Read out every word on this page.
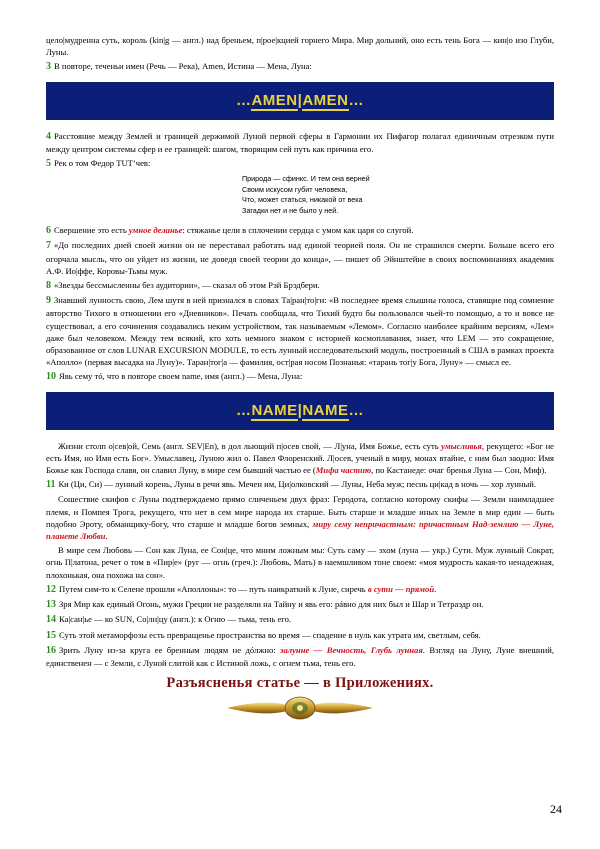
цело|мудренна суть, король (kin|g — англ.) над бреньем, п|рое|кцией горнего Мира. Мир дольний, оно есть тень Бога — кин|о изо Глуби, Луны.

3 В повторе, теченьи имен (Речь — Река), Amen, Истина — Мена, Луна:

…AMEN|AMEN…

4 Расстояние между Землей и границей держимой Луной первой сферы в Гармонии их Пифагор полагал единичным отрезком пути между центром системы сфер и ее границей: шагом, творящим сей путь как причина его.

5 Рек о том Федор TUT’чев:

Природа — сфинкс. И тем она верней
Своим искусом губит человека,
Что, может статься, никакой от века
Загадки нет и не было у ней.

6 Свершение это есть умное деланье: стяжанье цели в сплочении сердца с умом как царя со слугой.

7 «До последних дней своей жизни он не переставал работать над единой теорией поля. Он не страшился смерти. Больше всего его огорчала мысль, что он уйдет из жизни, не доведя своей теории до конца», — пишет об Эйнштейне в своих воспоминаниях академик А.Ф. Ио|ффе, Коровы-Тьмы муж.

8 «Звезды бессмысленны без аудитории», — сказал об этом Рэй Брэдбери.

9 Знавший лунность свою, Лем шутя в ней признался в словах Та|ран|то|ги: «В последнее время слышны голоса, ставящие под сомнение авторство Тихого в отношении его «Дневников». Печать сообщала, что Тихий будто бы пользовался чьей-то помощью, а то и вовсе не существовал, а его сочинения создавались неким устройством, так называемым «Лемом». Согласно наиболее крайним версиям, «Лем» даже был человеком. Между тем всякий, кто хоть немного знаком с историей космоплавания, знает, что LEM — это сокращение, образованное от слов LUNAR EXCURSION MODULE, то есть лунный исследовательский модуль, построенный в США в рамках проекта «Аполло» (первая высадка на Луну)». Таран|тог|а — фамилия, ост|рая носом Познанья: «тарань тог|у Бога, Луну» — смысл ее.

10 Явь сему тó, что в повторе своем name, имя (англ.) — Мена, Луна:

…NAME|NAME…

Жизни столп о|сев|ой, Семь (англ. SEV|En), в дол льющий п|осев свой, — Л|уна, Имя Божье, есть суть умысливья, рекущего: «Бог не есть Имя, но Имя есть Бог». Умыславец, Луною жил о. Павел Флоренский. Л|осев, ученый в миру, монах втайне, с ним был заодно: Имя Божье как Господа славя, он славил Луну, в мире сем бывший частью ее (Мифа частию, по Кастанеде: очаг бренья Луна — Сон, Миф).

11 Ки (Ци, Си) — лунный корень, Луны в речи явь. Мечен им, Ци|олковский — Луны, Неба муж; песнь ци|кад в ночь — хор лунный.

Сошествие скифов с Луны подтверждаемо прямо сличеньем двух фраз: Геродота, согласно которому скифы — Земли наимладшее племя, и Помпея Трога, рекущего, что нет в сем мире народа их старше. Быть старше и младше иных на Земле в мир един — быть подобно Эроту, обманщику-богу, что старше и младше богов земных, миру сему непричастным: причастным Над-землию — Луне, планете Любви.

В мире сем Любовь — Сон как Луна, ее Сон|це, что мним ложным мы: Суть саму — эхом (луна — укр.) Сути. Муж лунный Сократ, огнь П|латона, речет о том в «Пир|е» (руг — огнь (греч.): Любовь, Мать) в наемшливом тоне своем: «моя мудрость какая-то ненадежная, плохонькая, она похожа на сон».

12 Путем сим-то к Селене прошли «Аполлоны»: то — путь наикраткий к Луне, сиречь в сути — прямой.

13 Зря Мир как единый Огонь, мужи Греции не разделяли на Тайну и явь его: рáвно для них был и Шар и Тетраэдр он.

14 Ка|сан|ье — ко SUN, Со|лн|цу (англ.): к Огню — тьма, тень его.

15 Суть этой метаморфозы есть превращенье пространства во время — спадение в нуль как утрата им, светлым, себя.

16 Зрить Луну из-за круга ее бренным людям не дóлжно: залунне — Вечность, Глубь лунная. Взгляд на Луну, Луне внешний, единственен — с Земли, с Луной слитой как с Истиной ложь, с огнем тьма, тень его.

Разъясненья статье — в Приложениях.
24
